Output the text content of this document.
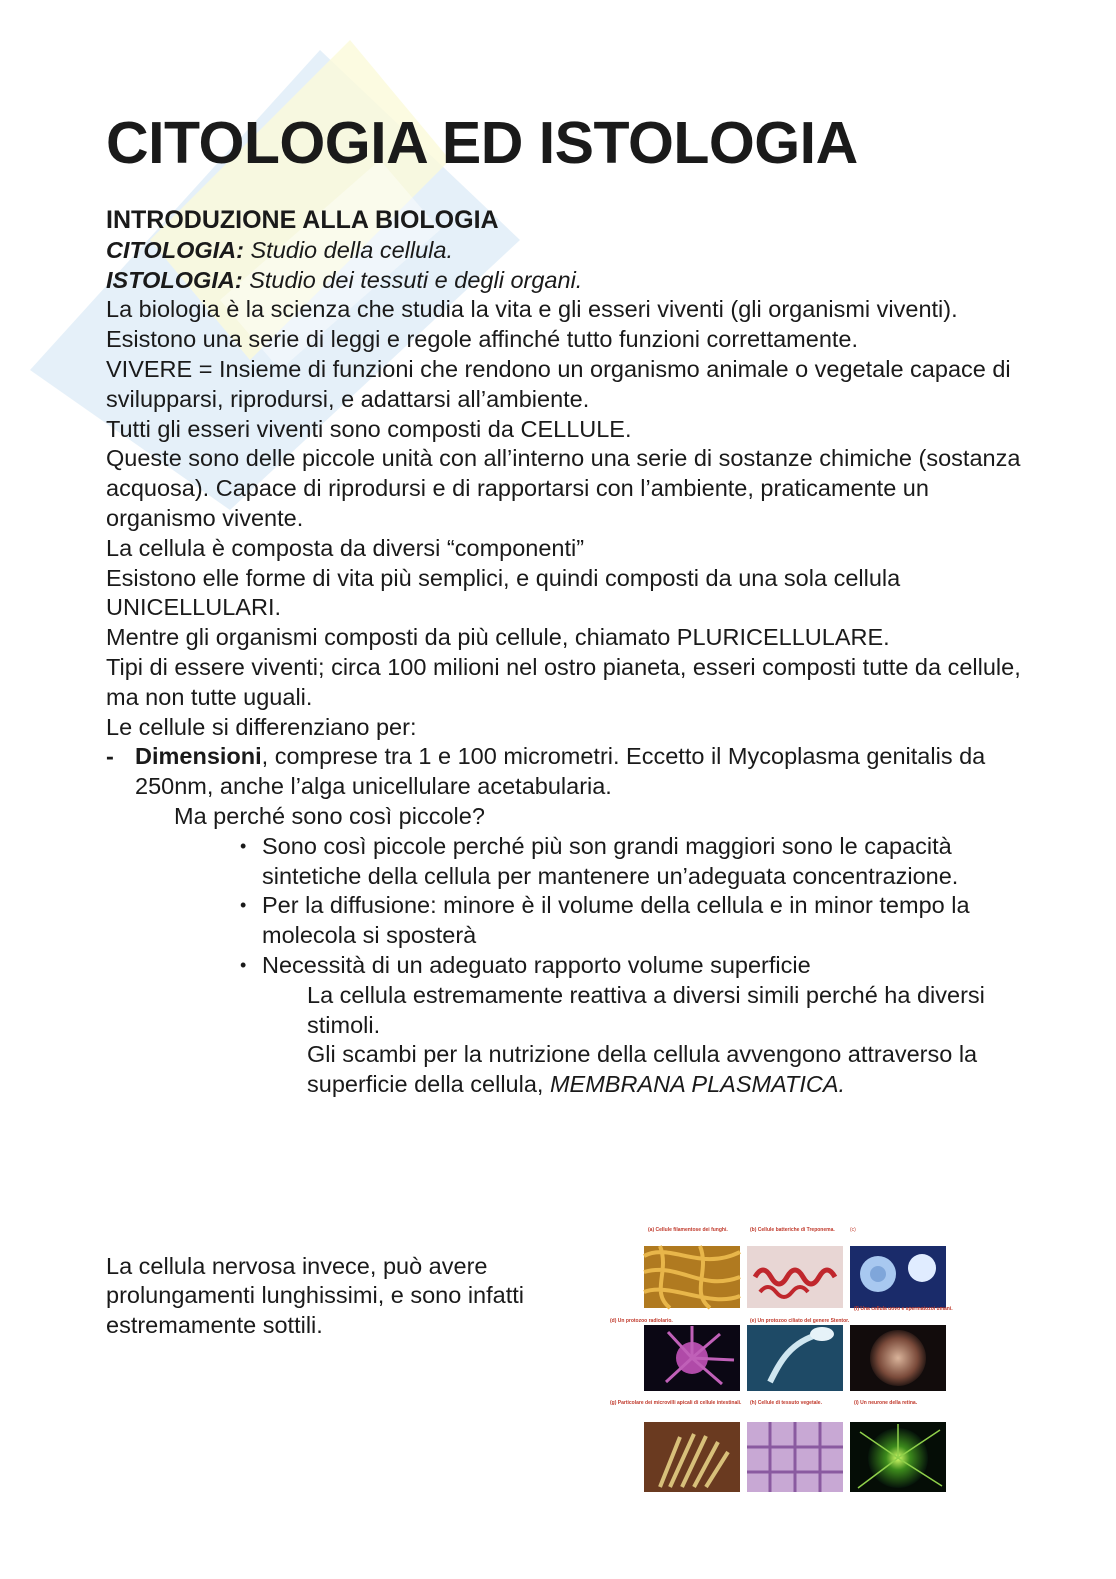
CITOLOGIA ED ISTOLOGIA

INTRODUZIONE ALLA BIOLOGIA

CITOLOGIA: Studio della cellula.

ISTOLOGIA: Studio dei tessuti e degli organi.

La biologia è la scienza che studia la vita e gli esseri viventi (gli organismi viventi).

Esistono una serie di leggi e regole affinché tutto funzioni correttamente.

VIVERE = Insieme di funzioni che rendono un organismo animale o vegetale capace di svilupparsi, riprodursi, e adattarsi all’ambiente.

Tutti gli esseri viventi sono composti da CELLULE.

Queste sono delle piccole unità con all’interno una serie di sostanze chimiche (sostanza acquosa). Capace di riprodursi e di rapportarsi con l’ambiente, praticamente un organismo vivente.

La cellula è composta da diversi “componenti”

Esistono elle forme di vita più semplici, e quindi composti da una sola cellula UNICELLULARI.

Mentre gli organismi composti da più cellule, chiamato PLURICELLULARE.

Tipi di essere viventi; circa 100 milioni nel ostro pianeta, esseri composti tutte da cellule, ma non tutte uguali.

Le cellule si differenziano per:

- Dimensioni, comprese tra 1 e 100 micrometri. Eccetto il Mycoplasma genitalis da 250nm, anche l’alga unicellulare acetabularia.

Ma perché sono così piccole?

• Sono così piccole perché più son grandi maggiori sono le capacità sintetiche della cellula per mantenere un’adeguata concentrazione.
• Per la diffusione: minore è il volume della cellula e in minor tempo la molecola si sposterà
• Necessità di un adeguato rapporto volume superficie

La cellula estremamente reattiva a diversi simili perché ha diversi stimoli.

Gli scambi per la nutrizione della cellula avvengono attraverso la superficie della cellula, MEMBRANA PLASMATICA.

La cellula nervosa invece, può avere prolungamenti lunghissimi, e sono infatti estremamente sottili.

(a) Cellule filamentose dei funghi.	(b) Cellule batteriche di Treponema.	(c)
(d) Un protozoo radiolario.	(e) Un protozoo ciliato del genere Stentor.
(f) Una cellula uovo e spermatozoi umani.
(g) Particolare dei microvilli apicali di cellule intestinali. (h) Cellule di tessuto vegetale.	(i) Un neurone della retina.
